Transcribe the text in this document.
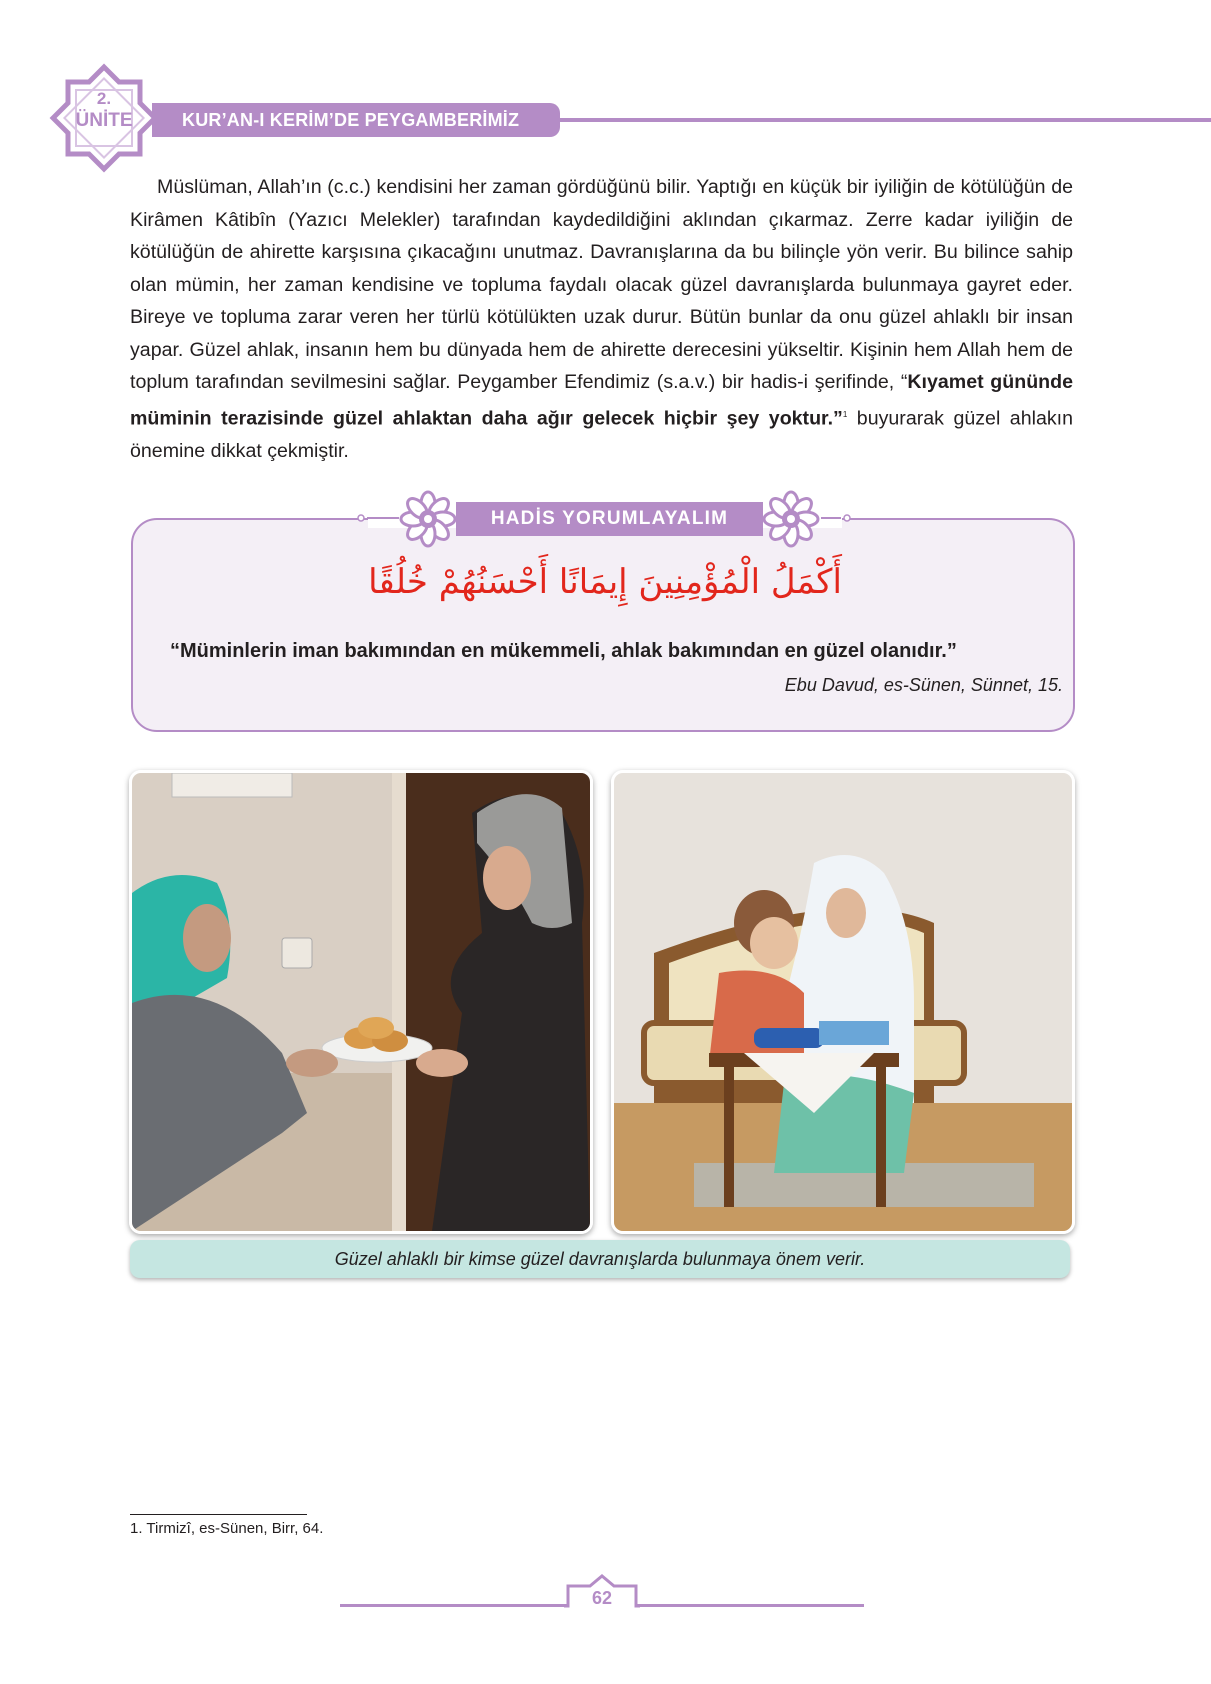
2.
ÜNİTE	KUR’AN-I KERİM’DE PEYGAMBERİMİZ

Müslüman, Allah’ın (c.c.) kendisini her zaman gördüğünü bilir. Yaptığı en küçük bir iyiliğin de kötülüğün de Kirâmen Kâtibîn (Yazıcı Melekler) tarafından kaydedildiğini aklından çıkarmaz. Zerre kadar iyiliğin de kötülüğün de ahirette karşısına çıkacağını unutmaz. Davranışlarına da bu bilinçle yön verir. Bu bilince sahip olan mümin, her zaman kendisine ve topluma faydalı olacak güzel davranışlarda bulunmaya gayret eder. Bireye ve topluma zarar veren her türlü kötülükten uzak durur. Bütün bunlar da onu güzel ahlaklı bir insan yapar. Güzel ahlak, insanın hem bu dünyada hem de ahirette derecesini yükseltir. Kişinin hem Allah hem de toplum tarafından sevilmesini sağlar. Peygamber Efendimiz (s.a.v.) bir hadis-i şerifinde, “Kıyamet gününde müminin terazisinde güzel ahlaktan daha ağır gelecek hiçbir şey yoktur.”$^1$ buyurarak güzel ahlakın önemine dikkat çekmiştir.

HADİS YORUMLAYALIM
أَكْمَلُ الْمُؤْمِنِينَ إِيمَانًا أَحْسَنُهُمْ خُلُقًا
“Müminlerin iman bakımından en mükemmeli, ahlak bakımından en güzel olanıdır.”
Ebu Davud, es-Sünen, Sünnet, 15.
Güzel ahlaklı bir kimse güzel davranışlarda bulunmaya önem verir.
1. Tirmizî, es-Sünen, Birr, 64.
62
